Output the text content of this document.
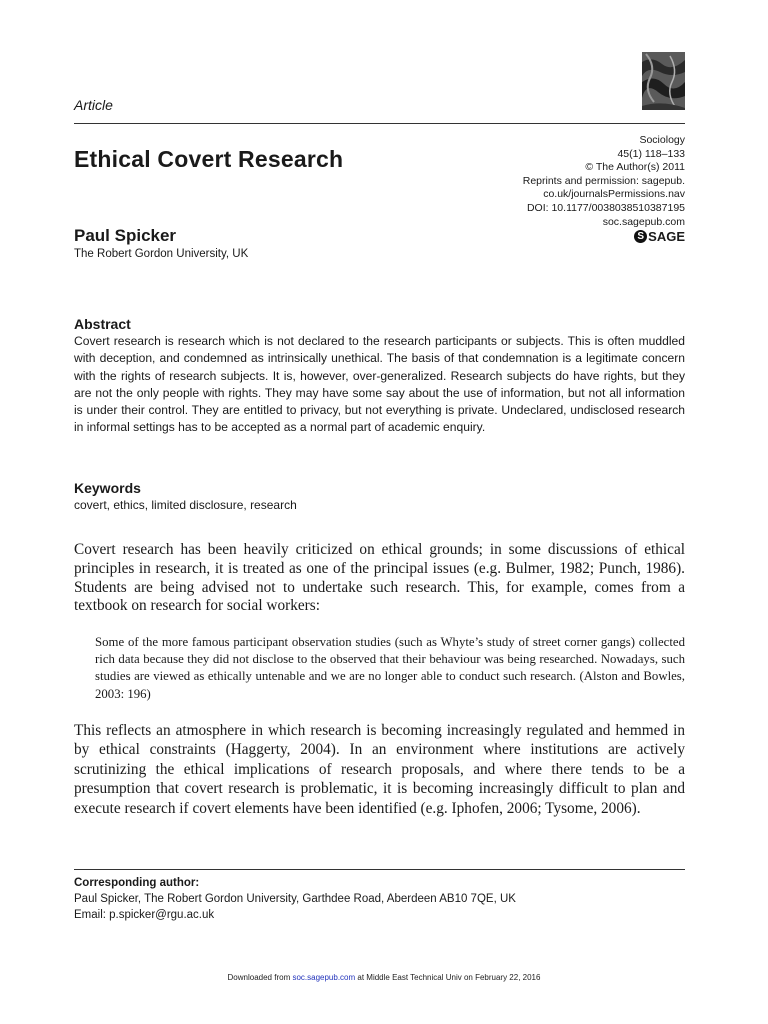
Article
Ethical Covert Research
Sociology
45(1) 118–133
© The Author(s) 2011
Reprints and permission: sagepub.
co.uk/journalsPermissions.nav
DOI: 10.1177/0038038510387195
soc.sagepub.com
S SAGE
Paul Spicker
The Robert Gordon University, UK
Abstract
Covert research is research which is not declared to the research participants or subjects. This is often muddled with deception, and condemned as intrinsically unethical. The basis of that condemnation is a legitimate concern with the rights of research subjects. It is, however, over-generalized. Research subjects do have rights, but they are not the only people with rights. They may have some say about the use of information, but not all information is under their control. They are entitled to privacy, but not everything is private. Undeclared, undisclosed research in informal settings has to be accepted as a normal part of academic enquiry.
Keywords
covert, ethics, limited disclosure, research
Covert research has been heavily criticized on ethical grounds; in some discussions of ethical principles in research, it is treated as one of the principal issues (e.g. Bulmer, 1982; Punch, 1986). Students are being advised not to undertake such research. This, for example, comes from a textbook on research for social workers:
Some of the more famous participant observation studies (such as Whyte’s study of street corner gangs) collected rich data because they did not disclose to the observed that their behaviour was being researched. Nowadays, such studies are viewed as ethically untenable and we are no longer able to conduct such research. (Alston and Bowles, 2003: 196)
This reflects an atmosphere in which research is becoming increasingly regulated and hemmed in by ethical constraints (Haggerty, 2004). In an environment where institutions are actively scrutinizing the ethical implications of research proposals, and where there tends to be a presumption that covert research is problematic, it is becoming increasingly difficult to plan and execute research if covert elements have been identified (e.g. Iphofen, 2006; Tysome, 2006).
Corresponding author:
Paul Spicker, The Robert Gordon University, Garthdee Road, Aberdeen AB10 7QE, UK
Email: p.spicker@rgu.ac.uk
Downloaded from soc.sagepub.com at Middle East Technical Univ on February 22, 2016
